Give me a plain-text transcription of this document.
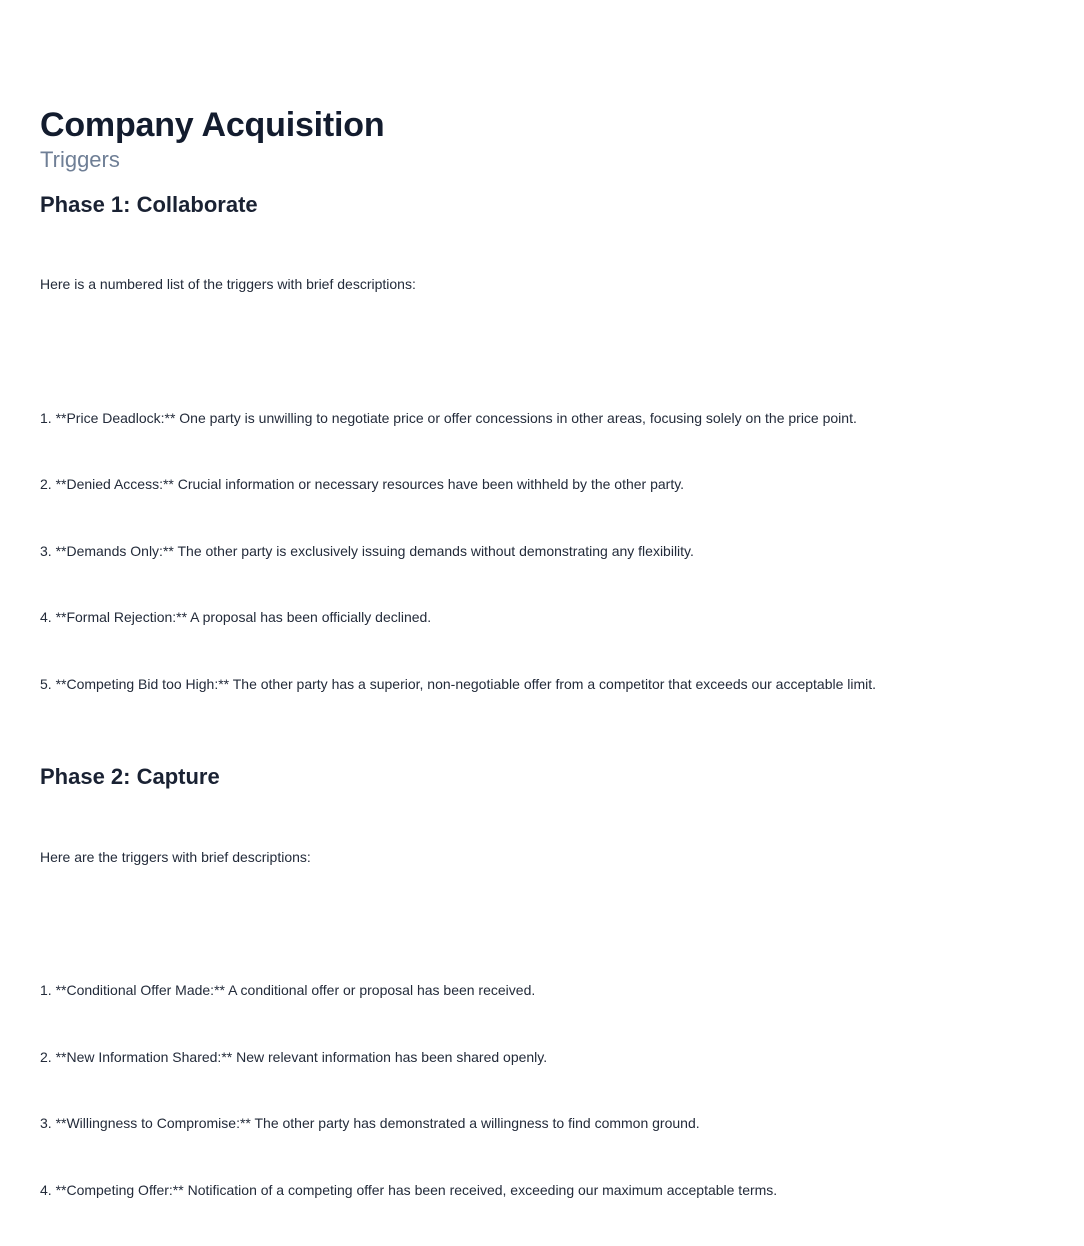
Company Acquisition
Triggers
Phase 1: Collaborate

Here is a numbered list of the triggers with brief descriptions:

1. **Price Deadlock:** One party is unwilling to negotiate price or offer concessions in other areas, focusing solely on the price point.

2. **Denied Access:** Crucial information or necessary resources have been withheld by the other party.

3. **Demands Only:** The other party is exclusively issuing demands without demonstrating any flexibility.

4. **Formal Rejection:** A proposal has been officially declined.

5. **Competing Bid too High:** The other party has a superior, non-negotiable offer from a competitor that exceeds our acceptable limit.

Phase 2: Capture

Here are the triggers with brief descriptions:

1. **Conditional Offer Made:** A conditional offer or proposal has been received.

2. **New Information Shared:** New relevant information has been shared openly.

3. **Willingness to Compromise:** The other party has demonstrated a willingness to find common ground.

4. **Competing Offer:** Notification of a competing offer has been received, exceeding our maximum acceptable terms.
